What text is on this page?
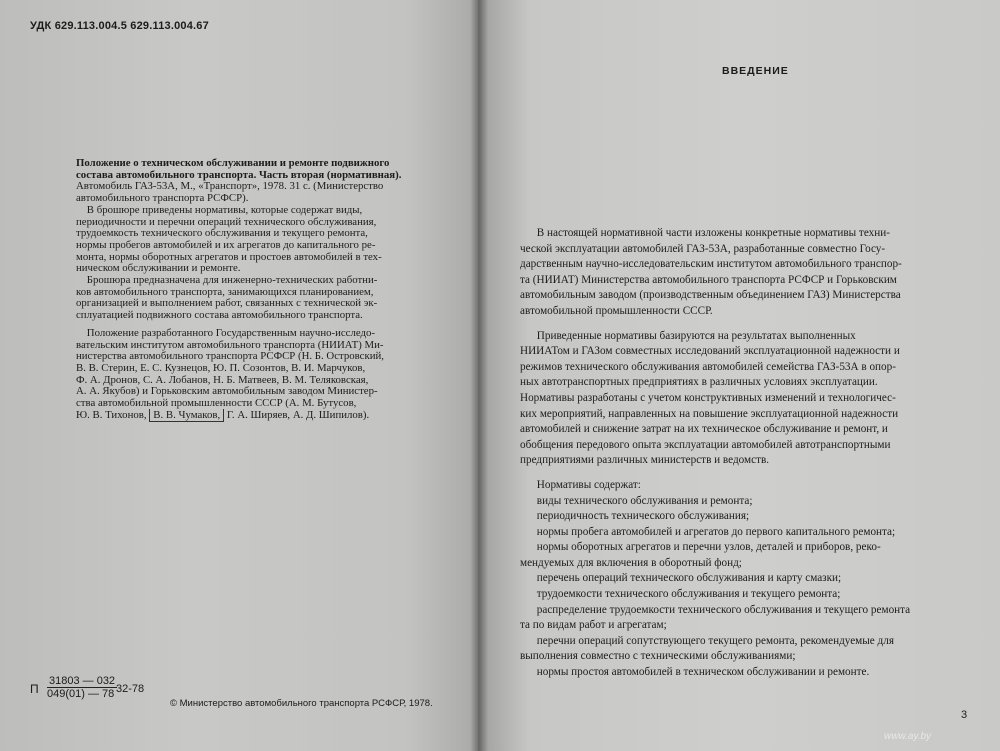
УДК 629.113.004.5 629.113.004.67
Положение о техническом обслуживании и ремонте подвижного
состава автомобильного транспорта. Часть вторая (нормативная).
Автомобиль ГАЗ-53А, М., «Транспорт», 1978. 31 с. (Министерство
автомобильного транспорта РСФСР).
В брошюре приведены нормативы, которые содержат виды,
периодичности и перечни операций технического обслуживания,
трудоемкость технического обслуживания и текущего ремонта,
нормы пробегов автомобилей и их агрегатов до капитального ре-
монта, нормы оборотных агрегатов и простоев автомобилей в тех-
ническом обслуживании и ремонте.
Брошюра предназначена для инженерно-технических работни-
ков автомобильного транспорта, занимающихся планированием,
организацией и выполнением работ, связанных с технической эк-
сплуатацией подвижного состава автомобильного транспорта.
Положение разработанного Государственным научно-исследо-
вательским институтом автомобильного транспорта (НИИАТ) Ми-
нистерства автомобильного транспорта РСФСР (Н. Б. Островский,
В. В. Стерин, Е. С. Кузнецов, Ю. П. Созонтов, В. И. Марчуков,
Ф. А. Дронов, С. А. Лобанов, Н. Б. Матвеев, В. М. Теляковская,
А. А. Якубов) и Горьковским автомобильным заводом Министер-
ства автомобильной промышленности СССР (А. М. Бутусов,
Ю. В. Тихонов, В. В. Чумаков, Г. А. Ширяев, А. Д. Шипилов).
П $\frac{31803 — 032}{049(01) — 78}$
32-78
© Министерство автомобильного транспорта РСФСР, 1978.
ВВЕДЕНИЕ
В настоящей нормативной части изложены конкретные нормативы техни-
ческой эксплуатации автомобилей ГАЗ-53А, разработанные совместно Госу-
дарственным научно-исследовательским институтом автомобильного транспор-
та (НИИАТ) Министерства автомобильного транспорта РСФСР и Горьковским
автомобильным заводом (производственным объединением ГАЗ) Министерства
автомобильной промышленности СССР.
Приведенные нормативы базируются на результатах выполненных
НИИАТом и ГАЗом совместных исследований эксплуатационной надежности и
режимов технического обслуживания автомобилей семейства ГАЗ-53А в опор-
ных автотранспортных предприятиях в различных условиях эксплуатации.
Нормативы разработаны с учетом конструктивных изменений и технологичес-
ких мероприятий, направленных на повышение эксплуатационной надежности
автомобилей и снижение затрат на их техническое обслуживание и ремонт, и
обобщения передового опыта эксплуатации автомобилей автотранспортными
предприятиями различных министерств и ведомств.
Нормативы содержат:
виды технического обслуживания и ремонта;
периодичность технического обслуживания;
нормы пробега автомобилей и агрегатов до первого капитального ремонта;
нормы оборотных агрегатов и перечни узлов, деталей и приборов, реко-
мендуемых для включения в оборотный фонд;
перечень операций технического обслуживания и карту смазки;
трудоемкости технического обслуживания и текущего ремонта;
распределение трудоемкости технического обслуживания и текущего ремонта
та по видам работ и агрегатам;
перечни операций сопутствующего текущего ремонта, рекомендуемые для
выполнения совместно с техническими обслуживаниями;
нормы простоя автомобилей в техническом обслуживании и ремонте.
3
www.ay.by
